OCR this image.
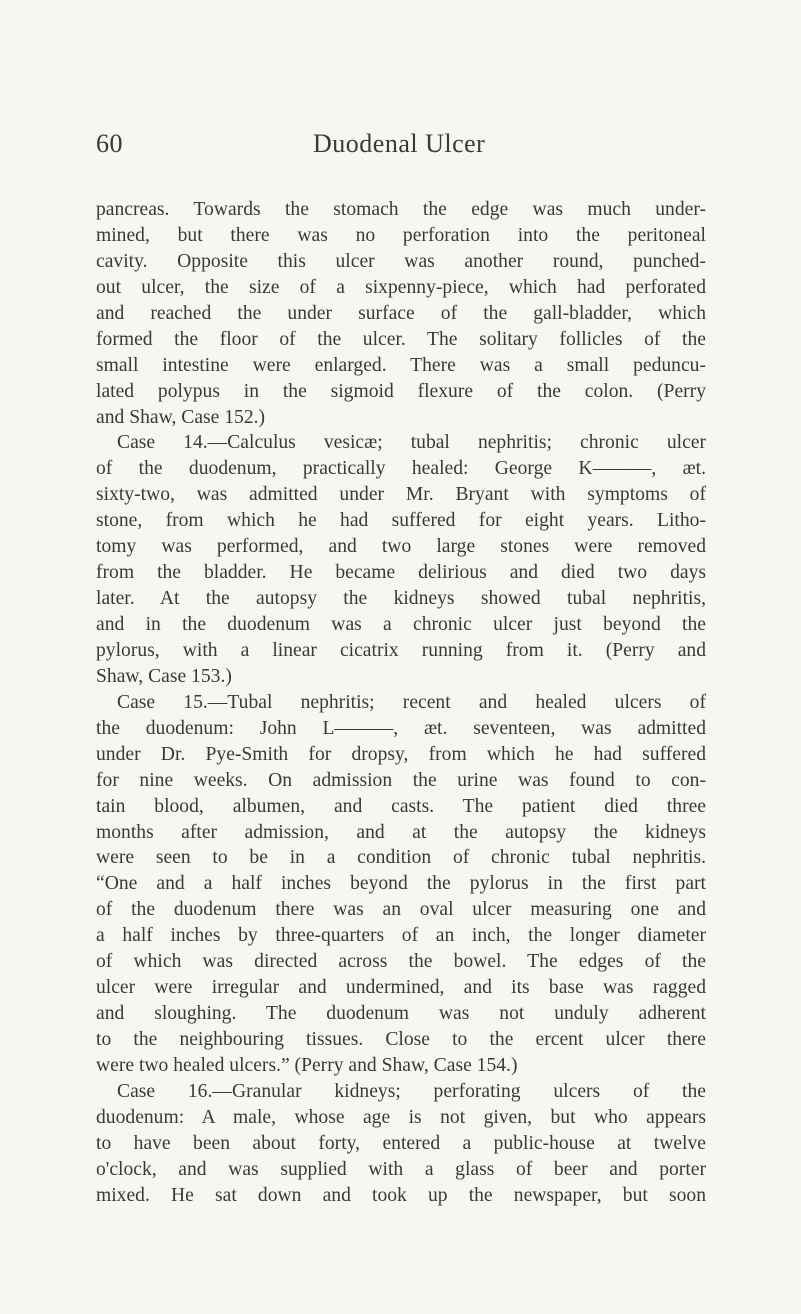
60	Duodenal Ulcer
pancreas. Towards the stomach the edge was much under-
mined, but there was no perforation into the peritoneal
cavity. Opposite this ulcer was another round, punched-
out ulcer, the size of a sixpenny-piece, which had perforated
and reached the under surface of the gall-bladder, which
formed the floor of the ulcer. The solitary follicles of the
small intestine were enlarged. There was a small peduncu-
lated polypus in the sigmoid flexure of the colon. (Perry
and Shaw, Case 152.)
Case 14.—Calculus vesicæ; tubal nephritis; chronic ulcer
of the duodenum, practically healed: George K———, æt.
sixty-two, was admitted under Mr. Bryant with symptoms of
stone, from which he had suffered for eight years. Litho-
tomy was performed, and two large stones were removed
from the bladder. He became delirious and died two days
later. At the autopsy the kidneys showed tubal nephritis,
and in the duodenum was a chronic ulcer just beyond the
pylorus, with a linear cicatrix running from it. (Perry and
Shaw, Case 153.)
Case 15.—Tubal nephritis; recent and healed ulcers of
the duodenum: John L———, æt. seventeen, was admitted
under Dr. Pye-Smith for dropsy, from which he had suffered
for nine weeks. On admission the urine was found to con-
tain blood, albumen, and casts. The patient died three
months after admission, and at the autopsy the kidneys
were seen to be in a condition of chronic tubal nephritis.
“One and a half inches beyond the pylorus in the first part
of the duodenum there was an oval ulcer measuring one and
a half inches by three-quarters of an inch, the longer diameter
of which was directed across the bowel. The edges of the
ulcer were irregular and undermined, and its base was ragged
and sloughing. The duodenum was not unduly adherent
to the neighbouring tissues. Close to the ercent ulcer there
were two healed ulcers.” (Perry and Shaw, Case 154.)
Case 16.—Granular kidneys; perforating ulcers of the
duodenum: A male, whose age is not given, but who appears
to have been about forty, entered a public-house at twelve
o'clock, and was supplied with a glass of beer and porter
mixed. He sat down and took up the newspaper, but soon
